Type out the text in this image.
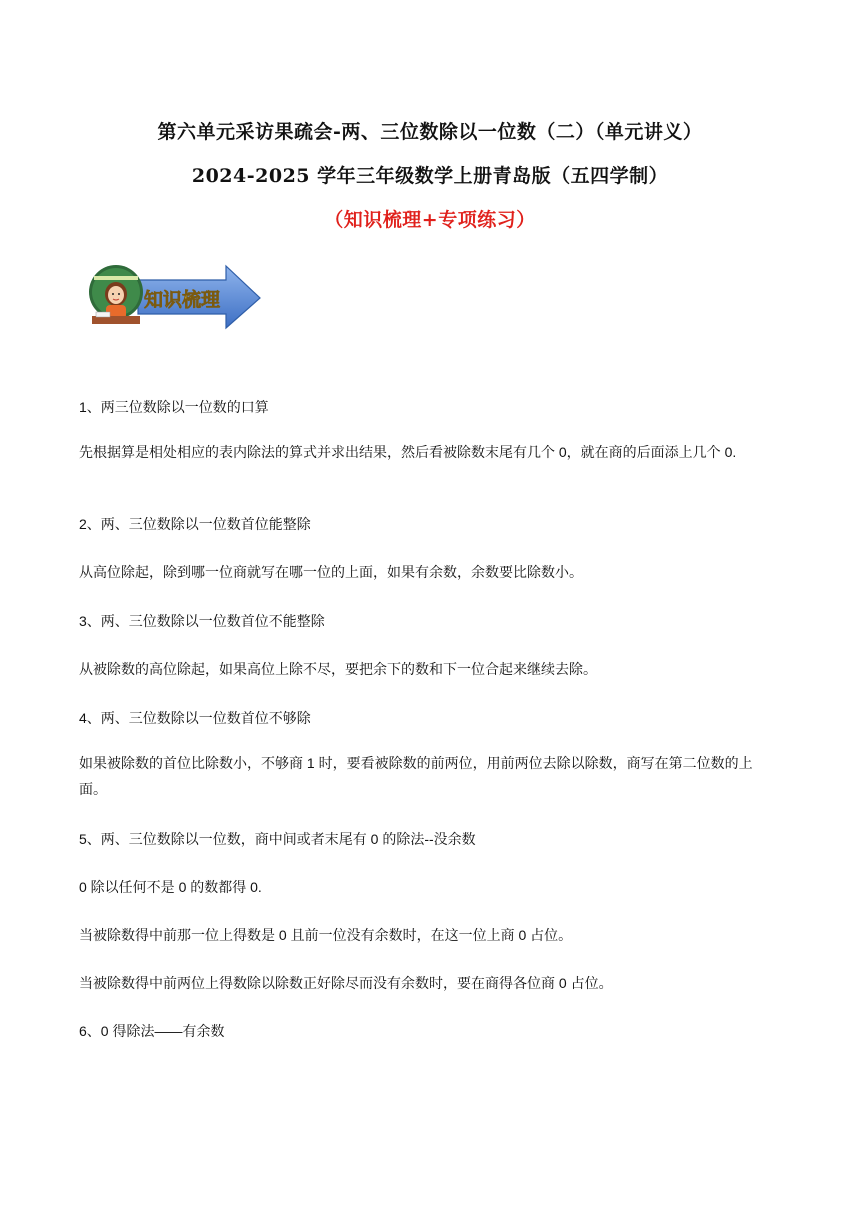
第六单元采访果疏会-两、三位数除以一位数（二）（单元讲义）
2024-2025 学年三年级数学上册青岛版（五四学制）
（知识梳理+专项练习）
知识梳理
1、两三位数除以一位数的口算
先根据算是相处相应的表内除法的算式并求出结果，然后看被除数末尾有几个 0，就在商的后面添上几个 0.
2、两、三位数除以一位数首位能整除
从高位除起，除到哪一位商就写在哪一位的上面，如果有余数，余数要比除数小。
3、两、三位数除以一位数首位不能整除
从被除数的高位除起，如果高位上除不尽，要把余下的数和下一位合起来继续去除。
4、两、三位数除以一位数首位不够除
如果被除数的首位比除数小，不够商 1 时，要看被除数的前两位，用前两位去除以除数，商写在第二位数的上面。
5、两、三位数除以一位数，商中间或者末尾有 0 的除法--没余数
0 除以任何不是 0 的数都得 0.
当被除数得中前那一位上得数是 0 且前一位没有余数时，在这一位上商 0 占位。
当被除数得中前两位上得数除以除数正好除尽而没有余数时，要在商得各位商 0 占位。
6、0 得除法——有余数
